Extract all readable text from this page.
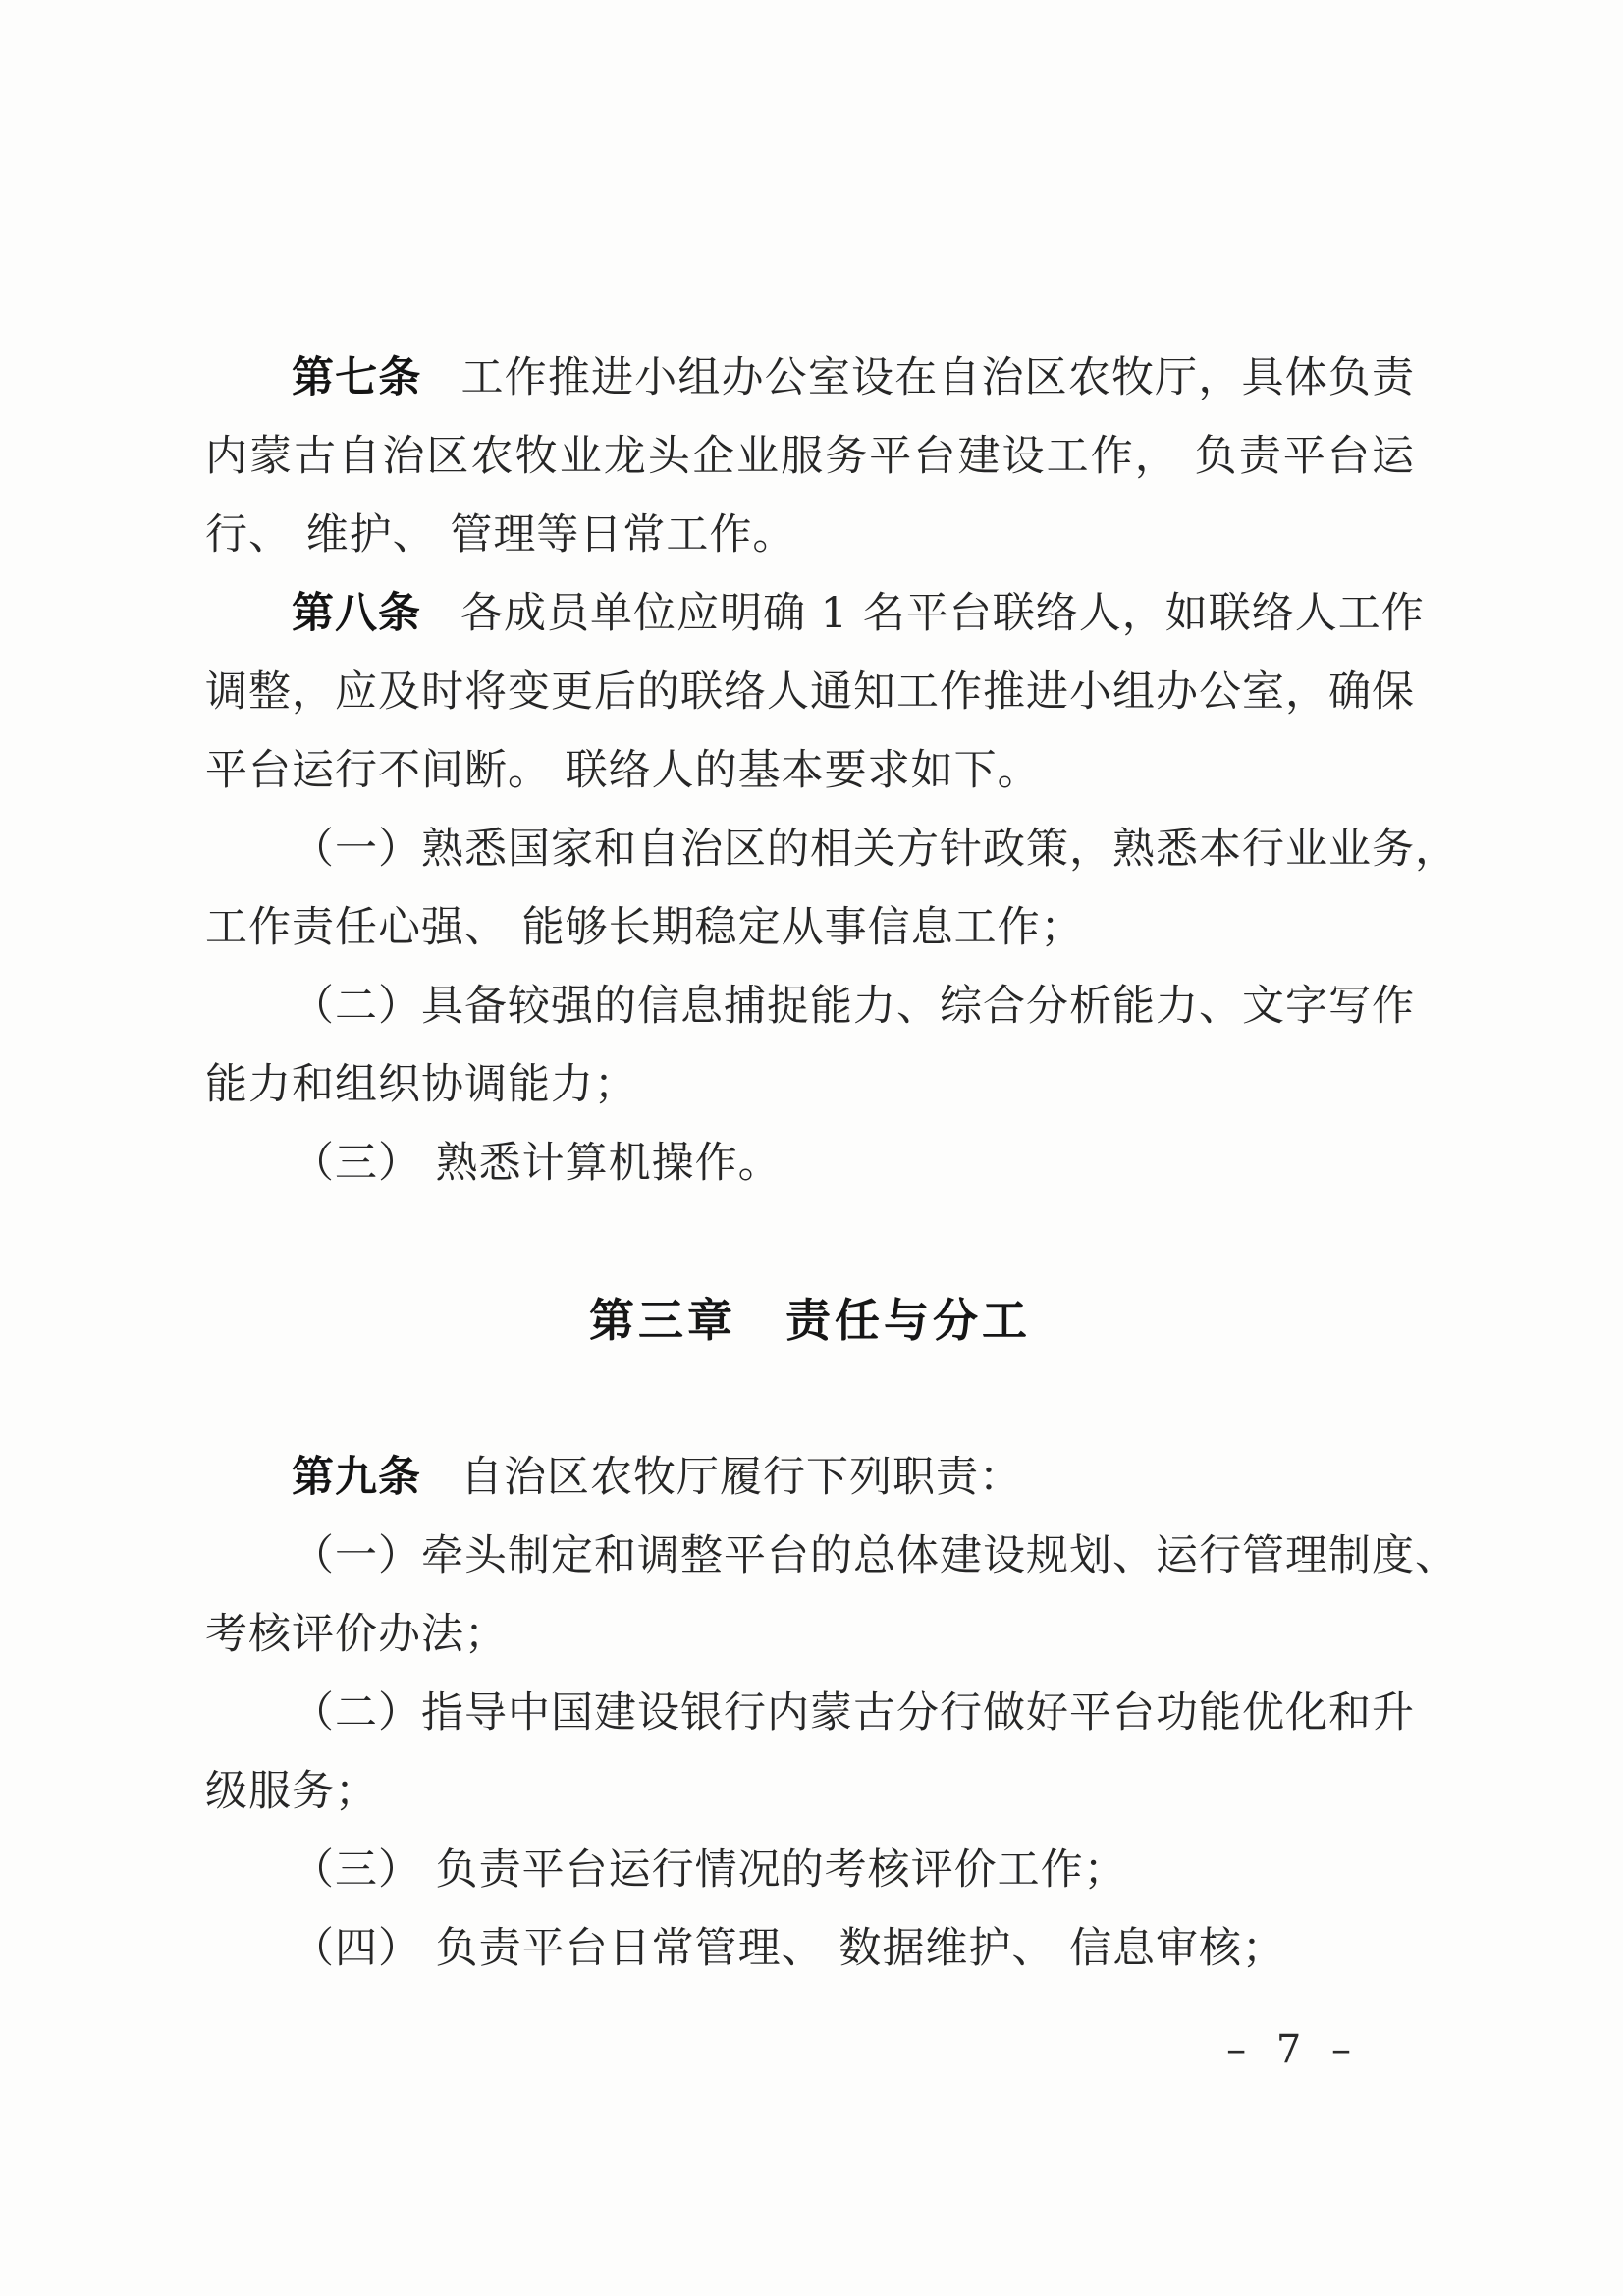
第七条 工作推进小组办公室设在自治区农牧厅，具体负责
内蒙古自治区农牧业龙头企业服务平台建设工作， 负责平台运
行、 维护、 管理等日常工作。
第八条 各成员单位应明确 1 名平台联络人，如联络人工作
调整，应及时将变更后的联络人通知工作推进小组办公室，确保
平台运行不间断。 联络人的基本要求如下。
（一）熟悉国家和自治区的相关方针政策，熟悉本行业业务，
工作责任心强、 能够长期稳定从事信息工作；
（二）具备较强的信息捕捉能力、综合分析能力、文字写作
能力和组织协调能力；
（三） 熟悉计算机操作。
第三章　责任与分工
第九条 自治区农牧厅履行下列职责：
（一）牵头制定和调整平台的总体建设规划、运行管理制度、
考核评价办法；
（二）指导中国建设银行内蒙古分行做好平台功能优化和升
级服务；
（三） 负责平台运行情况的考核评价工作；
（四） 负责平台日常管理、 数据维护、 信息审核；
– 7 –
